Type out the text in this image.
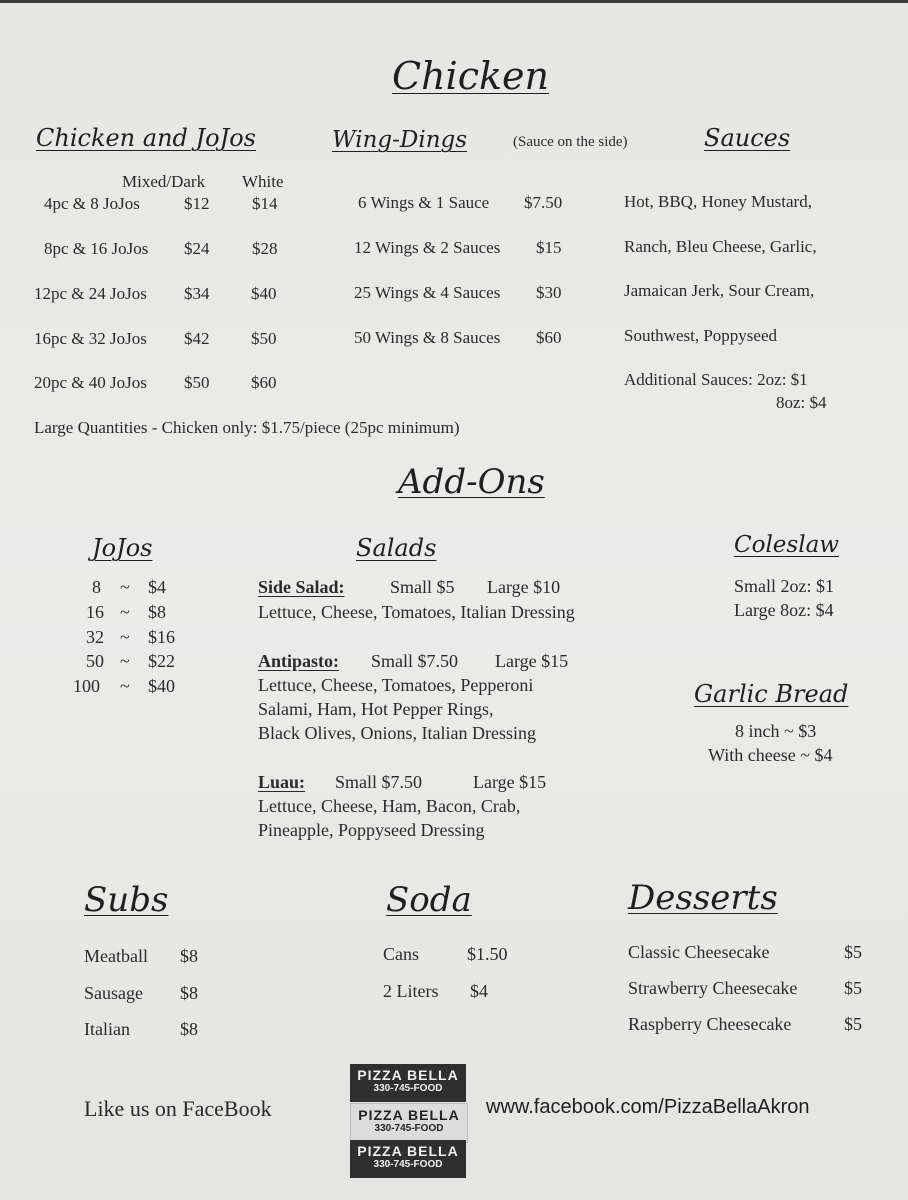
Chicken
Chicken and JoJos
Mixed/Dark White
4pc & 8 JoJos	$12	$14
8pc & 16 JoJos $24	$28
12pc & 24 JoJos $34 $40
16pc & 32 JoJos $42 $50
20pc & 40 JoJos $50 $60
Large Quantities - Chicken only: $1.75/piece (25pc minimum)
Wing-Dings	(Sauce on the side)
6 Wings & 1 Sauce $7.50
12 Wings & 2 Sauces $15
25 Wings & 4 Sauces $30
50 Wings & 8 Sauces $60
Sauces
Hot, BBQ, Honey Mustard,
Ranch, Bleu Cheese, Garlic,
Jamaican Jerk, Sour Cream,
Southwest, Poppyseed
Additional Sauces: 2oz: $1
8oz: $4
Add-Ons
JoJos
8 ~ $4
16 ~ $8
32 ~ $16
50 ~ $22
100 ~ $40
Salads
Side Salad:	Small $5 Large $10
Lettuce, Cheese, Tomatoes, Italian Dressing
Antipasto: Small $7.50 Large $15
Lettuce, Cheese, Tomatoes, Pepperoni
Salami, Ham, Hot Pepper Rings,
Black Olives, Onions, Italian Dressing
Luau: Small $7.50	Large $15
Lettuce, Cheese, Ham, Bacon, Crab,
Pineapple, Poppyseed Dressing
Coleslaw
Small 2oz: $1
Large 8oz: $4
Garlic Bread
8 inch ~ $3
With cheese ~ $4
Subs
Meatball $8
Sausage $8
Italian	$8
Soda
Cans	$1.50
2 Liters $4
Desserts
Classic Cheesecake	$5
Strawberry Cheesecake	$5
Raspberry Cheesecake	$5
Like us on FaceBook
PIZZA BELLA
330-745-FOOD
PIZZA BELLA
330-745-FOOD
PIZZA BELLA
330-745-FOOD
www.facebook.com/PizzaBellaAkron
